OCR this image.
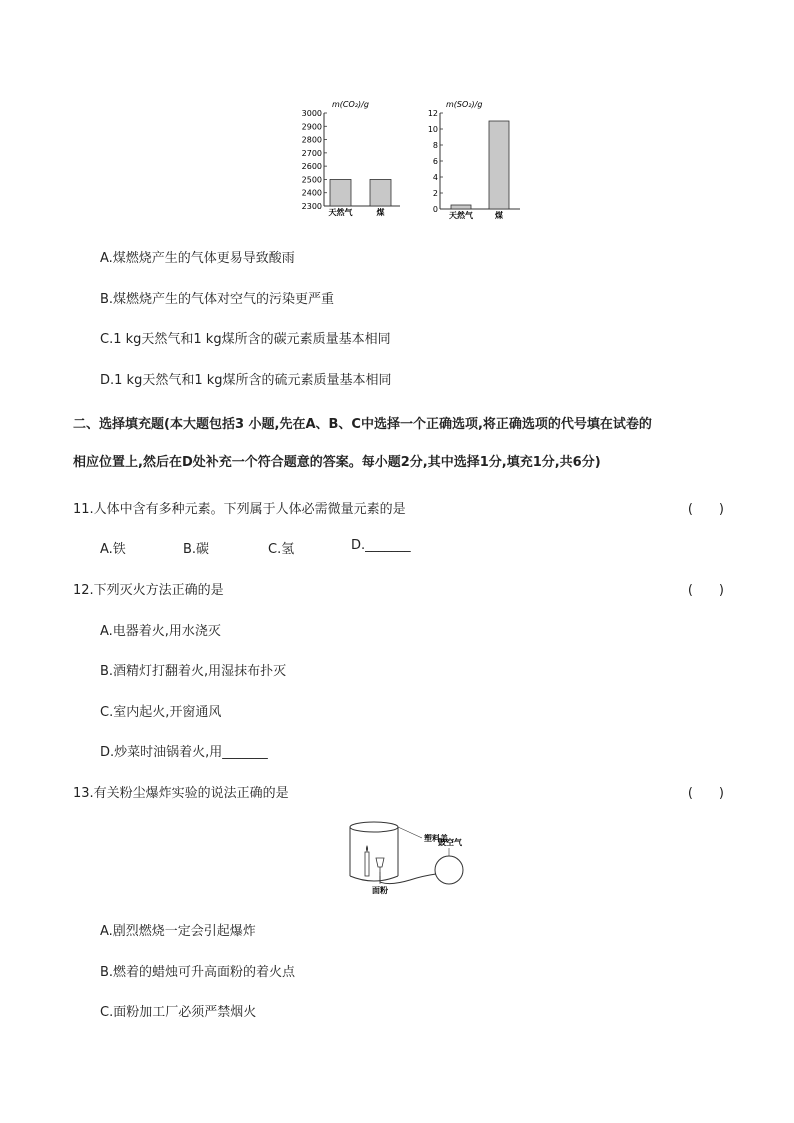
m(CO₂)/g
3000
2900
2800
2700
2600
2500
2400
2300
天然气	煤
m(SO₂)/g
12
10
8
6
4
2
0
天然气	煤
A.煤燃烧产生的气体更易导致酸雨
B.煤燃烧产生的气体对空气的污染更严重
C.1 kg天然气和1 kg煤所含的碳元素质量基本相同
D.1 kg天然气和1 kg煤所含的硫元素质量基本相同
二、选择填充题(本大题包括3 小题,先在A、B、C中选择一个正确选项,将正确选项的代号填在试卷的
相应位置上,然后在D处补充一个符合题意的答案。每小题2分,其中选择1分,填充1分,共6分)
11.人体中含有多种元素。下列属于人体必需微量元素的是	(　　)
A.铁	B.碳	C.氢	D._______
12.下列灭火方法正确的是	(　　)
A.电器着火,用水浇灭
B.酒精灯打翻着火,用湿抹布扑灭
C.室内起火,开窗通风
D.炒菜时油锅着火,用_______
13.有关粉尘爆炸实验的说法正确的是	(　　)
塑料盖
鼓空气
面粉
A.剧烈燃烧一定会引起爆炸
B.燃着的蜡烛可升高面粉的着火点
C.面粉加工厂必须严禁烟火
